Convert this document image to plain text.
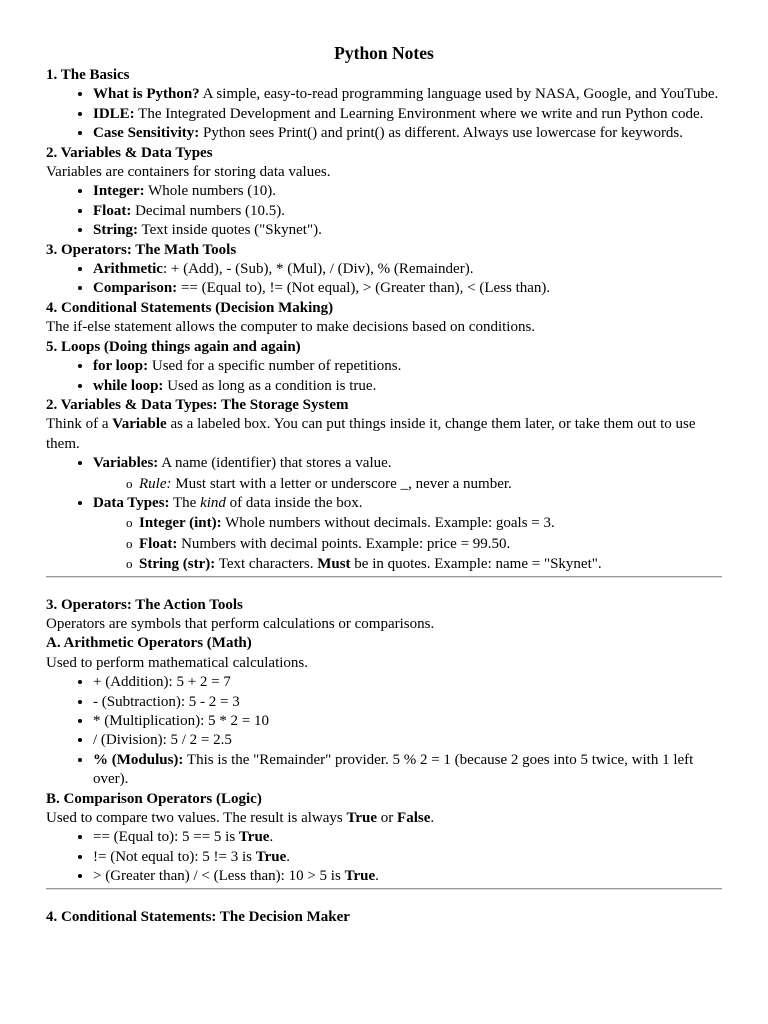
Python Notes
1. The Basics
• What is Python? A simple, easy-to-read programming language used by NASA, Google, and YouTube.
• IDLE: The Integrated Development and Learning Environment where we write and run Python code.
• Case Sensitivity: Python sees Print() and print() as different. Always use lowercase for keywords.
2. Variables & Data Types

Variables are containers for storing data values.

• Integer: Whole numbers (10).
• Float: Decimal numbers (10.5).
• String: Text inside quotes ("Skynet").
3. Operators: The Math Tools
• Arithmetic: + (Add), - (Sub), * (Mul), / (Div), % (Remainder).
• Comparison: == (Equal to), != (Not equal), > (Greater than), < (Less than).
4. Conditional Statements (Decision Making)

The if-else statement allows the computer to make decisions based on conditions.

5. Loops (Doing things again and again)
• for loop: Used for a specific number of repetitions.
• while loop: Used as long as a condition is true.
2. Variables & Data Types: The Storage System

Think of a Variable as a labeled box. You can put things inside it, change them later, or take them out to use them.

• Variables: A name (identifier) that stores a value.
◦ Rule: Must start with a letter or underscore _, never a number.
• Data Types: The kind of data inside the box.
◦ Integer (int): Whole numbers without decimals. Example: goals = 3.
◦ Float: Numbers with decimal points. Example: price = 99.50.
◦ String (str): Text characters. Must be in quotes. Example: name = "Skynet".
3. Operators: The Action Tools

Operators are symbols that perform calculations or comparisons.

A. Arithmetic Operators (Math)

Used to perform mathematical calculations.

• + (Addition): 5 + 2 = 7
• - (Subtraction): 5 - 2 = 3
• * (Multiplication): 5 * 2 = 10
• / (Division): 5 / 2 = 2.5
• % (Modulus): This is the "Remainder" provider. 5 % 2 = 1 (because 2 goes into 5 twice, with 1 left over).
B. Comparison Operators (Logic)

Used to compare two values. The result is always True or False.

• == (Equal to): 5 == 5 is True.
• != (Not equal to): 5 != 3 is True.
• > (Greater than) / < (Less than): 10 > 5 is True.
4. Conditional Statements: The Decision Maker
